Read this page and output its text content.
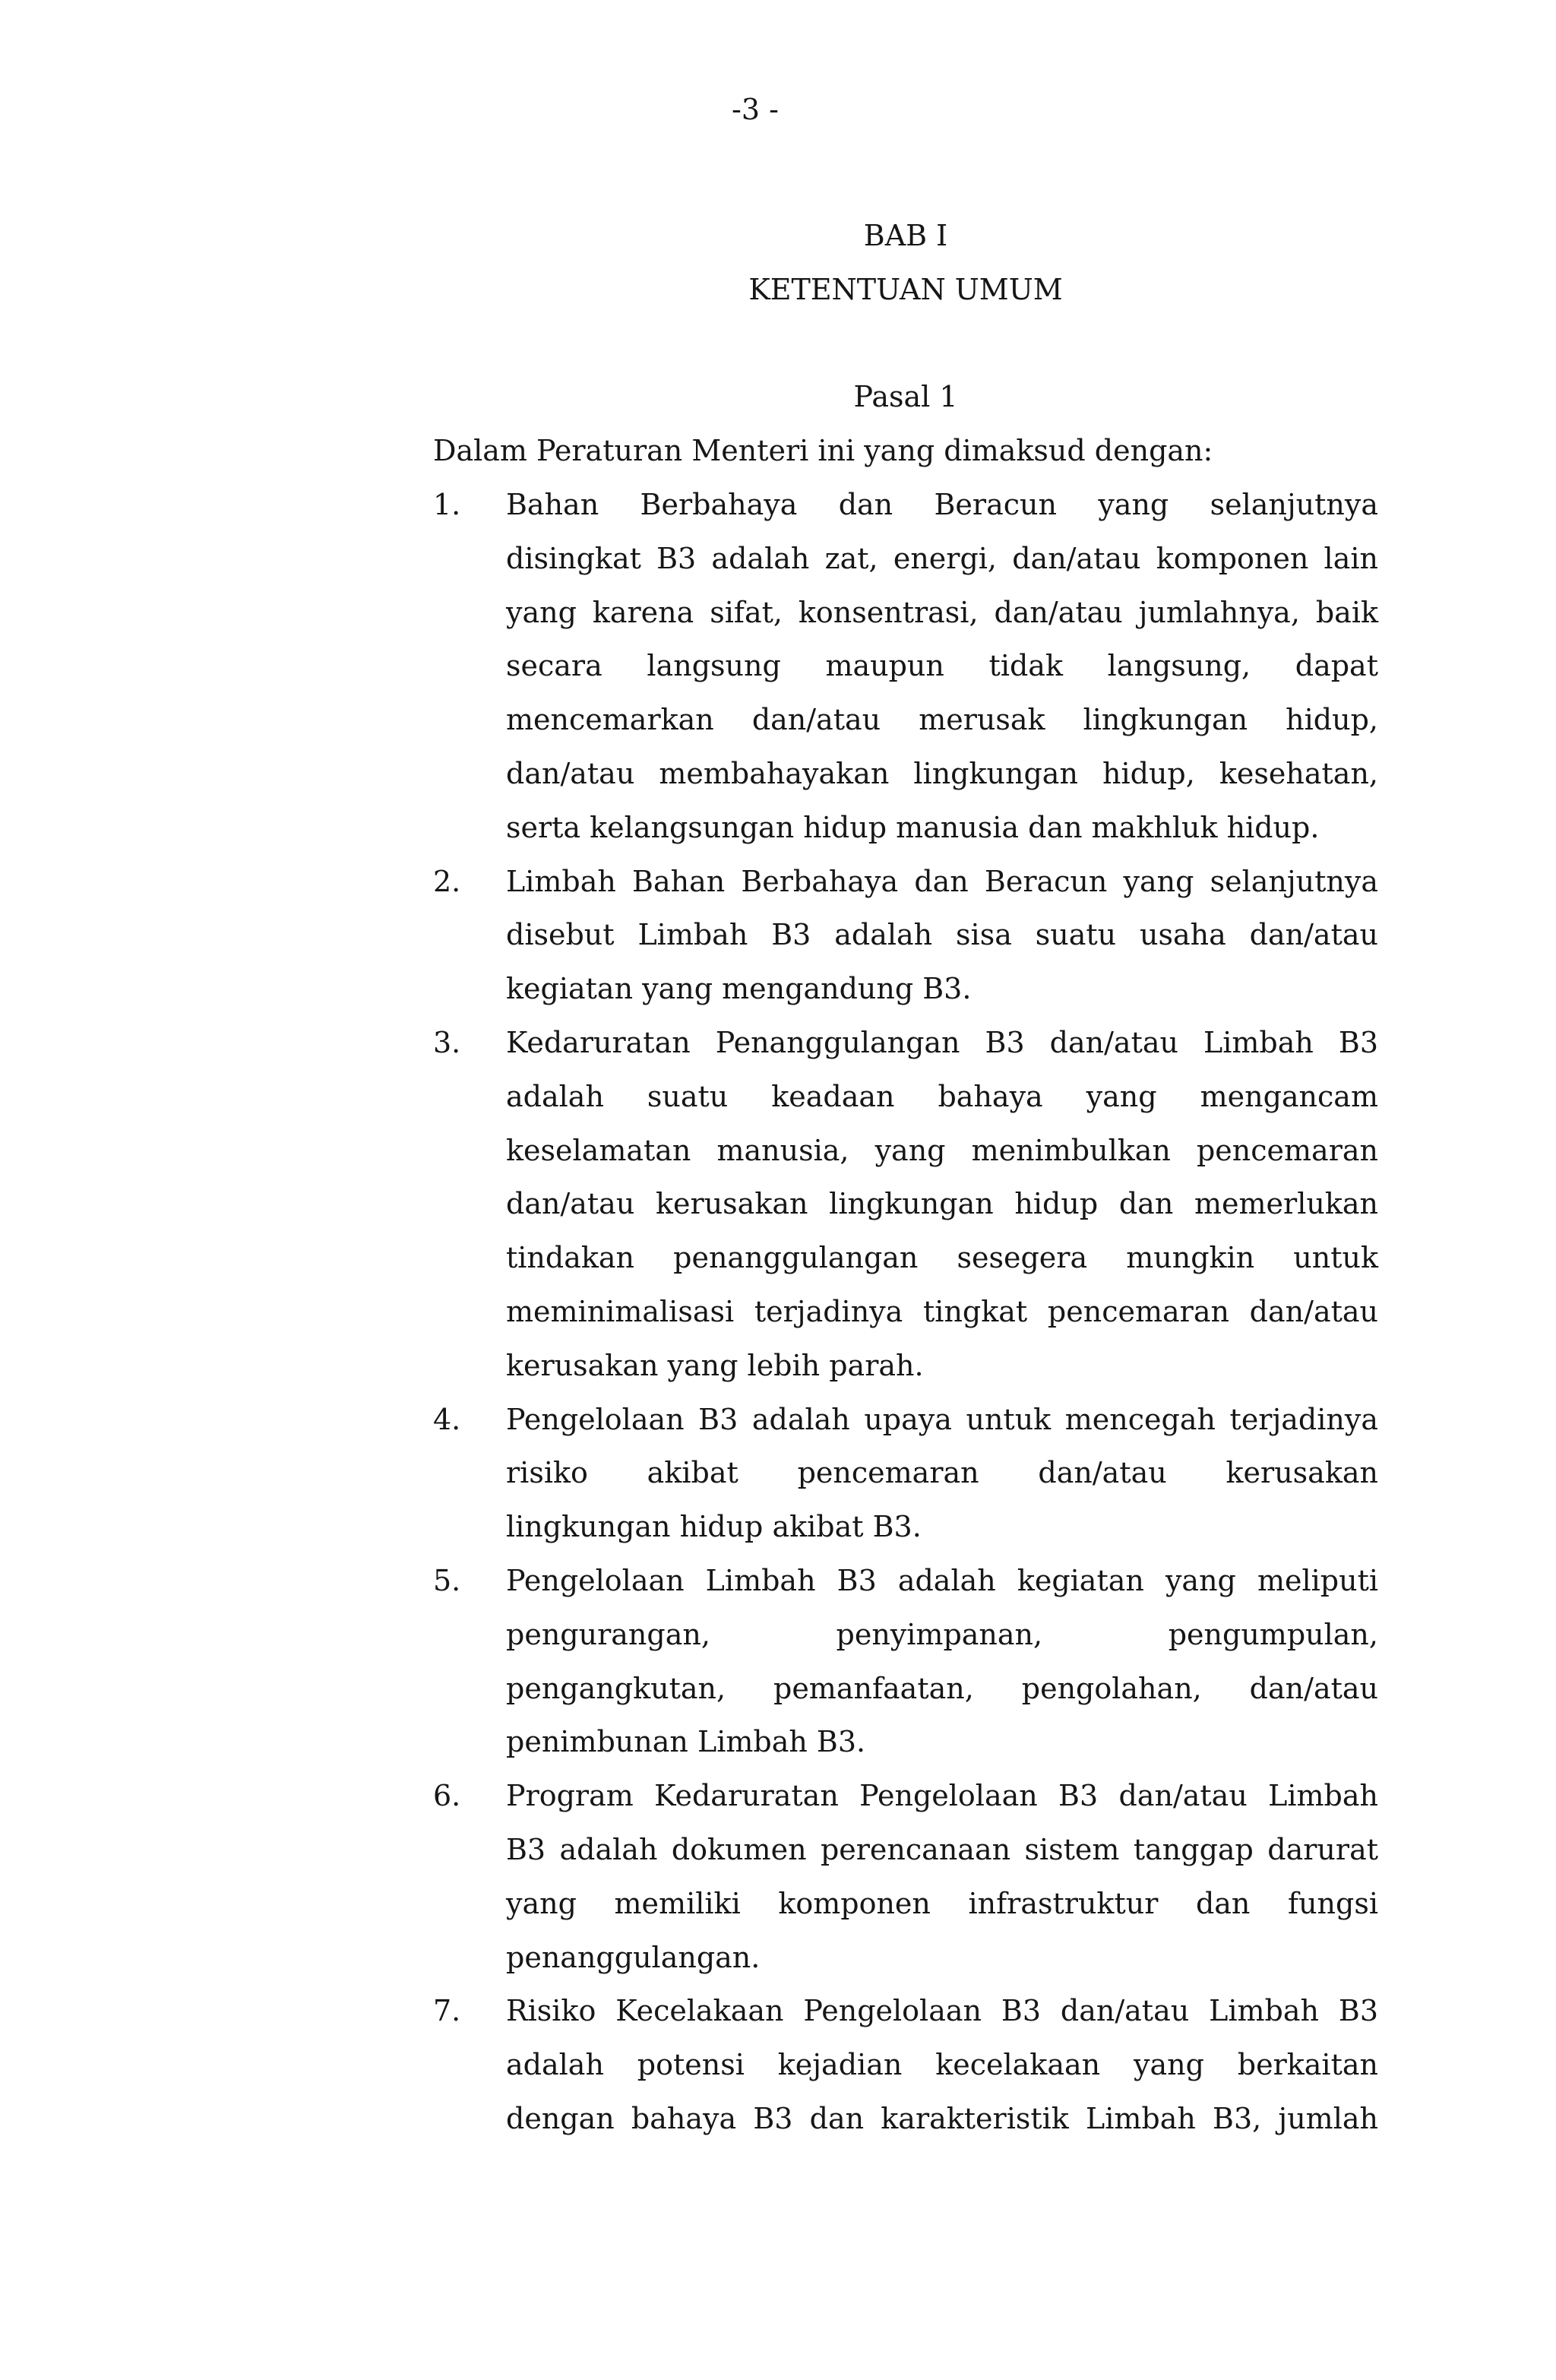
-3 -
BAB I
KETENTUAN UMUM
Pasal 1
Dalam Peraturan Menteri ini yang dimaksud dengan:
1.	Bahan Berbahaya dan Beracun yang selanjutnya
disingkat B3 adalah zat, energi, dan/atau komponen lain
yang karena sifat, konsentrasi, dan/atau jumlahnya, baik
secara langsung maupun tidak langsung, dapat
mencemarkan dan/atau merusak lingkungan hidup,
dan/atau membahayakan lingkungan hidup, kesehatan,
serta kelangsungan hidup manusia dan makhluk hidup.
2.	Limbah Bahan Berbahaya dan Beracun yang selanjutnya
disebut Limbah B3 adalah sisa suatu usaha dan/atau
kegiatan yang mengandung B3.
3.	Kedaruratan Penanggulangan B3 dan/atau Limbah B3
adalah suatu keadaan bahaya yang mengancam
keselamatan manusia, yang menimbulkan pencemaran
dan/atau kerusakan lingkungan hidup dan memerlukan
tindakan penanggulangan sesegera mungkin untuk
meminimalisasi terjadinya tingkat pencemaran dan/atau
kerusakan yang lebih parah.
4.	Pengelolaan B3 adalah upaya untuk mencegah terjadinya
risiko akibat pencemaran dan/atau kerusakan
lingkungan hidup akibat B3.
5.	Pengelolaan Limbah B3 adalah kegiatan yang meliputi
pengurangan, penyimpanan, pengumpulan,
pengangkutan, pemanfaatan, pengolahan, dan/atau
penimbunan Limbah B3.
6.	Program Kedaruratan Pengelolaan B3 dan/atau Limbah
B3 adalah dokumen perencanaan sistem tanggap darurat
yang memiliki komponen infrastruktur dan fungsi
penanggulangan.
7.	Risiko Kecelakaan Pengelolaan B3 dan/atau Limbah B3
adalah potensi kejadian kecelakaan yang berkaitan
dengan bahaya B3 dan karakteristik Limbah B3, jumlah
